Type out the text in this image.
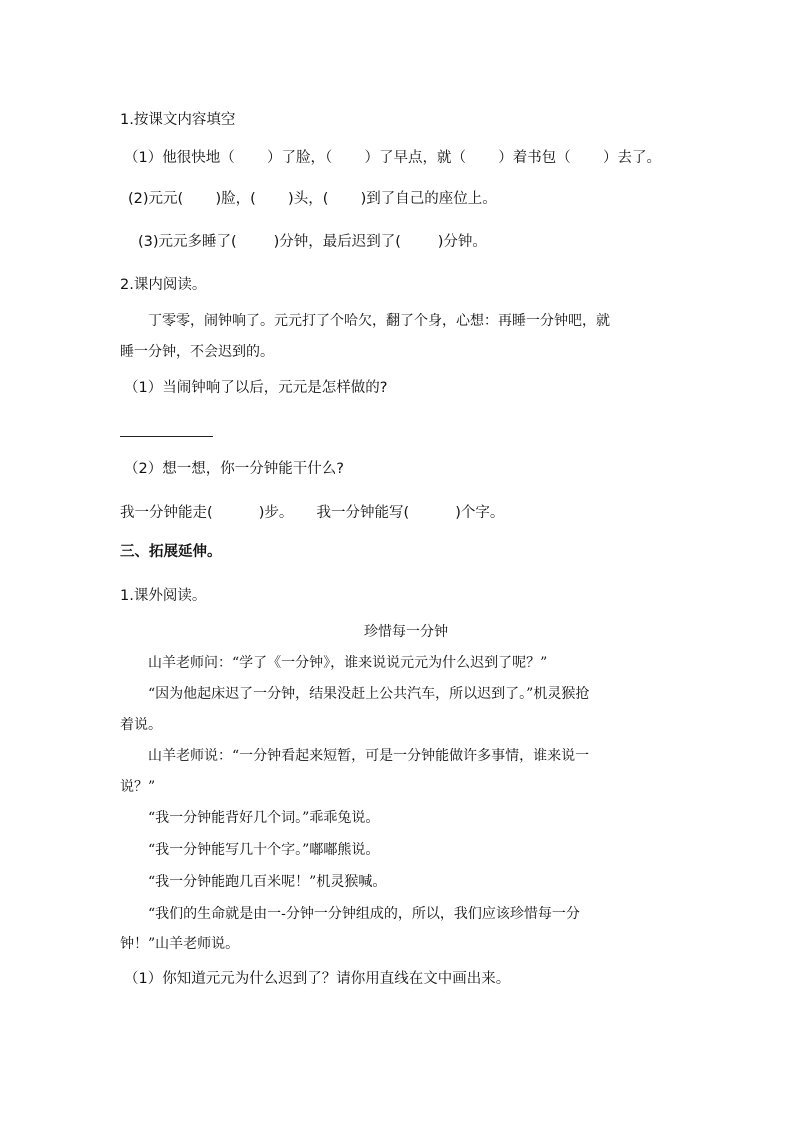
1.按课文内容填空
（1）他很快地（       ）了脸，（       ）了早点，就（       ）着书包（       ）去了。
(2)元元(       )脸，(       )头，(       )到了自己的座位上。
(3)元元多睡了(        )分钟，最后迟到了(        )分钟。
2.课内阅读。
丁零零，闹钟响了。元元打了个哈欠，翻了个身，心想：再睡一分钟吧，就
睡一分钟，不会迟到的。
（1）当闹钟响了以后，元元是怎样做的?
（2）想一想，你一分钟能干什么?
我一分钟能走(          )步。     我一分钟能写(          )个字。
三、拓展延伸。
1.课外阅读。
珍惜每一分钟
山羊老师问：“学了《一分钟》，谁来说说元元为什么迟到了呢？”
“因为他起床迟了一分钟，结果没赶上公共汽车，所以迟到了。”机灵猴抢
着说。
山羊老师说：“一分钟看起来短暂，可是一分钟能做许多事情，谁来说一
说？”
“我一分钟能背好几个词。”乖乖兔说。
“我一分钟能写几十个字。”嘟嘟熊说。
“我一分钟能跑几百米呢！”机灵猴喊。
“我们的生命就是由一-分钟一分钟组成的，所以，我们应该珍惜每一分
钟！”山羊老师说。
（1）你知道元元为什么迟到了？请你用直线在文中画出来。
